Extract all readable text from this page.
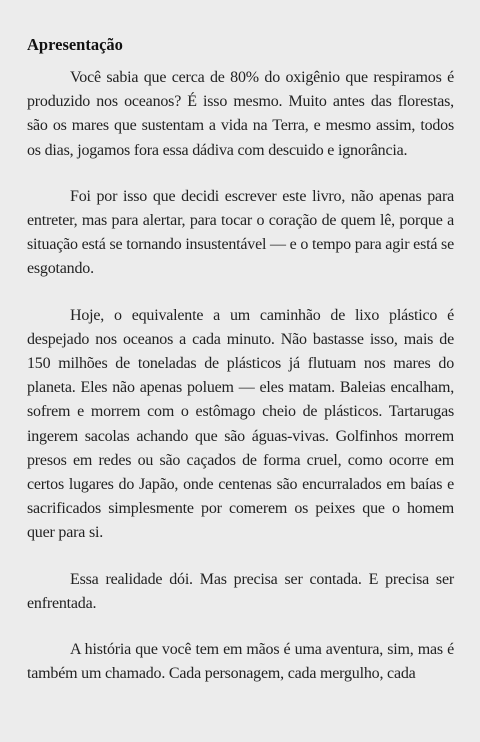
Apresentação

Você sabia que cerca de 80% do oxigênio que respiramos é produzido nos oceanos? É isso mesmo. Muito antes das florestas, são os mares que sustentam a vida na Terra, e mesmo assim, todos os dias, jogamos fora essa dádiva com descuido e ignorância.

Foi por isso que decidi escrever este livro, não apenas para entreter, mas para alertar, para tocar o coração de quem lê, porque a situação está se tornando insustentável — e o tempo para agir está se esgotando.

Hoje, o equivalente a um caminhão de lixo plástico é despejado nos oceanos a cada minuto. Não bastasse isso, mais de 150 milhões de toneladas de plásticos já flutuam nos mares do planeta. Eles não apenas poluem — eles matam. Baleias encalham, sofrem e morrem com o estômago cheio de plásticos. Tartarugas ingerem sacolas achando que são águas-vivas. Golfinhos morrem presos em redes ou são caçados de forma cruel, como ocorre em certos lugares do Japão, onde centenas são encurralados em baías e sacrificados simplesmente por comerem os peixes que o homem quer para si.

Essa realidade dói. Mas precisa ser contada. E precisa ser enfrentada.

A história que você tem em mãos é uma aventura, sim, mas é também um chamado. Cada personagem, cada mergulho, cada
